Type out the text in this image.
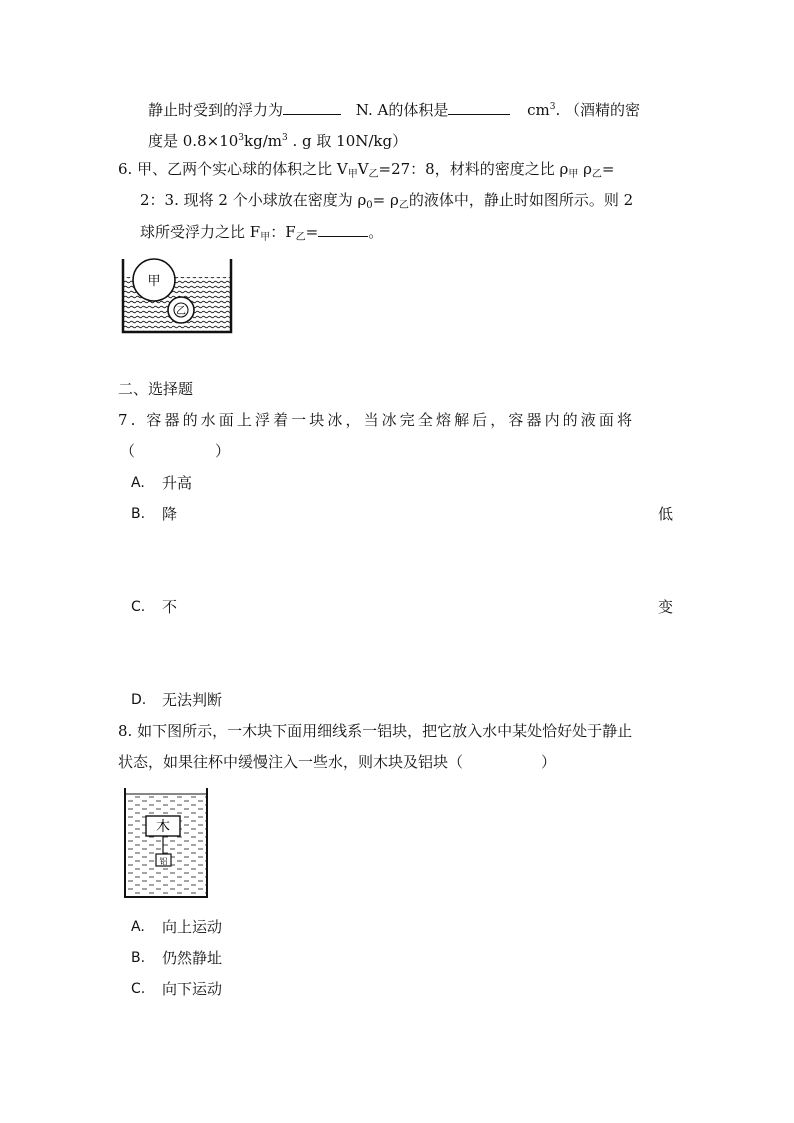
静止时受到的浮力为	N. A的体积是	$cm^3$. （酒精的密
度是 $0.8\times 10^3kg/m^3$ . g 取 10N/kg）
6. 甲、乙两个实心球的体积之比 $V_甲V_乙=27$：8，材料的密度之比 $\rho_甲$ $\rho_乙=$
2：3. 现将 2 个小球放在密度为 $\rho_0= \rho_乙$的液体中，静止时如图所示。则 2
球所受浮力之比 $F_甲$：$F_乙=$	。
甲
乙
二、选择题
7. 容器的水面上浮着一块冰，当冰完全熔解后，容器内的液面将
（	）
A. 升高
B. 降	低
C. 不	变
D. 无法判断
8. 如下图所示，一木块下面用细线系一铝块，把它放入水中某处恰好处于静止
状态，如果往杯中缓慢注入一些水，则木块及铝块（	）
木
铝
A. 向上运动
B. 仍然静址
C. 向下运动
